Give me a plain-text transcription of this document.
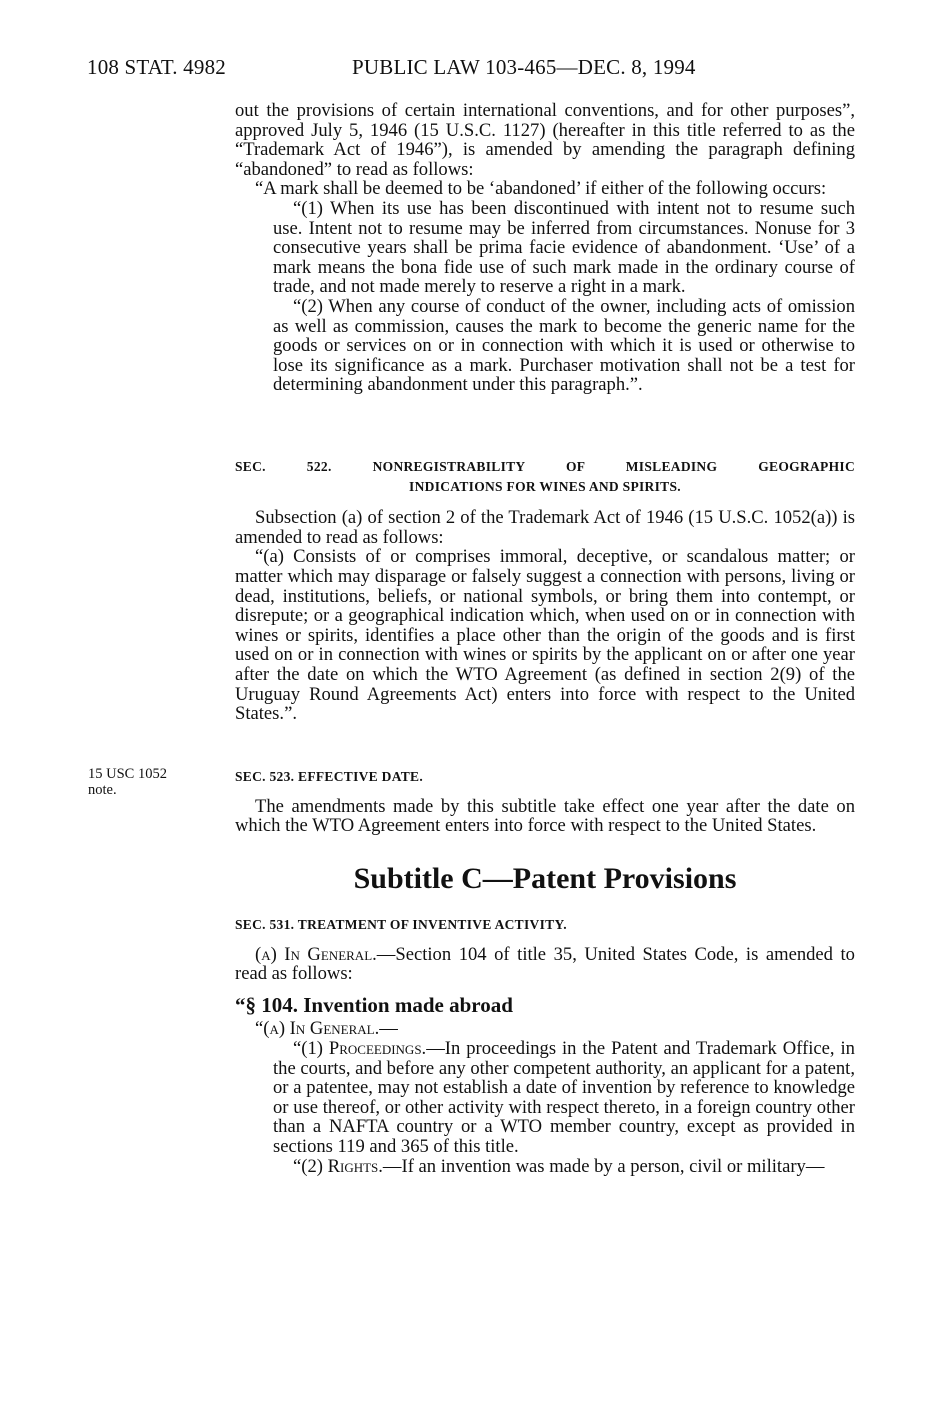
108 STAT. 4982	PUBLIC LAW 103-465—DEC. 8, 1994

out the provisions of certain international conventions, and for other purposes”, approved July 5, 1946 (15 U.S.C. 1127) (hereafter in this title referred to as the “Trademark Act of 1946”), is amended by amending the paragraph defining “abandoned” to read as follows:

“A mark shall be deemed to be ‘abandoned’ if either of the following occurs:

“(1) When its use has been discontinued with intent not to resume such use. Intent not to resume may be inferred from circumstances. Nonuse for 3 consecutive years shall be prima facie evidence of abandonment. ‘Use’ of a mark means the bona fide use of such mark made in the ordinary course of trade, and not made merely to reserve a right in a mark.

“(2) When any course of conduct of the owner, including acts of omission as well as commission, causes the mark to become the generic name for the goods or services on or in connection with which it is used or otherwise to lose its significance as a mark. Purchaser motivation shall not be a test for determining abandonment under this paragraph.”.

SEC. 522. NONREGISTRABILITY OF MISLEADING GEOGRAPHIC

INDICATIONS FOR WINES AND SPIRITS.

Subsection (a) of section 2 of the Trademark Act of 1946 (15 U.S.C. 1052(a)) is amended to read as follows:

“(a) Consists of or comprises immoral, deceptive, or scandalous matter; or matter which may disparage or falsely suggest a connection with persons, living or dead, institutions, beliefs, or national symbols, or bring them into contempt, or disrepute; or a geographical indication which, when used on or in connection with wines or spirits, identifies a place other than the origin of the goods and is first used on or in connection with wines or spirits by the applicant on or after one year after the date on which the WTO Agreement (as defined in section 2(9) of the Uruguay Round Agreements Act) enters into force with respect to the United States.”.

15 USC 1052
note.

SEC. 523. EFFECTIVE DATE.

The amendments made by this subtitle take effect one year after the date on which the WTO Agreement enters into force with respect to the United States.

Subtitle C—Patent Provisions

SEC. 531. TREATMENT OF INVENTIVE ACTIVITY.

(a) In General.—Section 104 of title 35, United States Code, is amended to read as follows:

“§ 104. Invention made abroad

“(a) In General.—

“(1) Proceedings.—In proceedings in the Patent and Trademark Office, in the courts, and before any other competent authority, an applicant for a patent, or a patentee, may not establish a date of invention by reference to knowledge or use thereof, or other activity with respect thereto, in a foreign country other than a NAFTA country or a WTO member country, except as provided in sections 119 and 365 of this title.

“(2) Rights.—If an invention was made by a person, civil or military—
